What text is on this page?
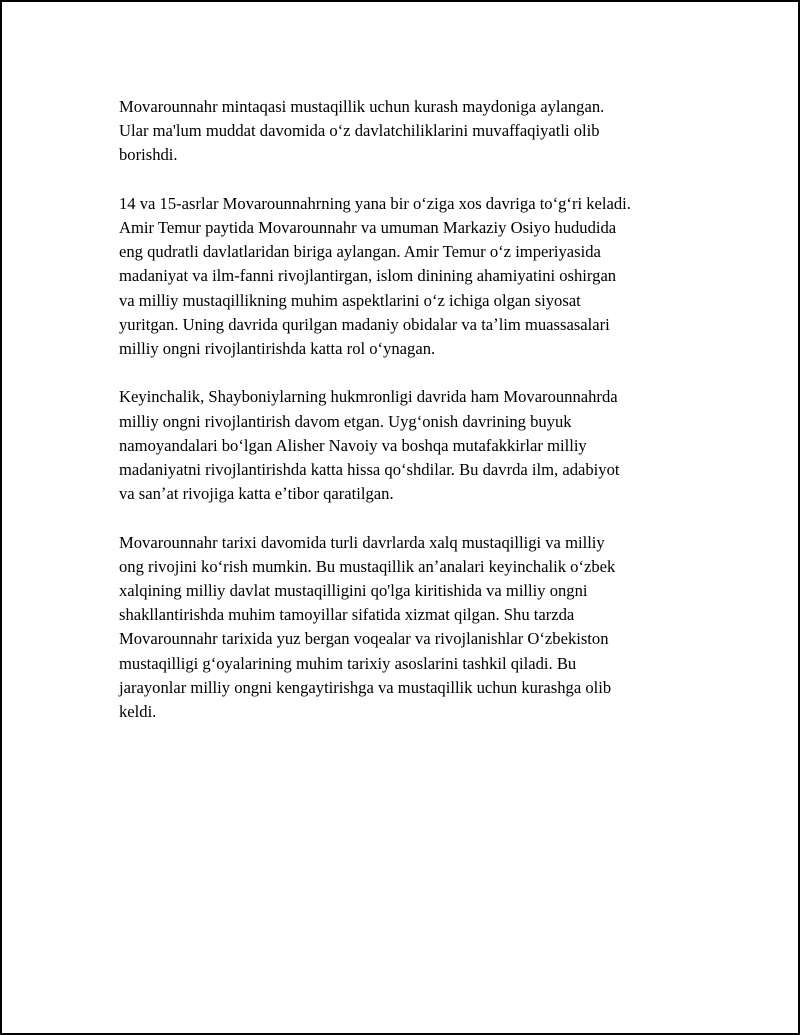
Movarounnahr mintaqasi mustaqillik uchun kurash maydoniga aylangan.
Ular ma'lum muddat davomida oʻz davlatchiliklarini muvaffaqiyatli olib
borishdi.

14 va 15-asrlar Movarounnahrning yana bir oʻziga xos davriga toʻgʻri keladi.
Amir Temur paytida Movarounnahr va umuman Markaziy Osiyo hududida
eng qudratli davlatlaridan biriga aylangan. Amir Temur oʻz imperiyasida
madaniyat va ilm-fanni rivojlantirgan, islom dinining ahamiyatini oshirgan
va milliy mustaqillikning muhim aspektlarini oʻz ichiga olgan siyosat
yuritgan. Uning davrida qurilgan madaniy obidalar va taʼlim muassasalari
milliy ongni rivojlantirishda katta rol oʻynagan.

Keyinchalik, Shayboniylarning hukmronligi davrida ham Movarounnahrda
milliy ongni rivojlantirish davom etgan. Uygʻonish davrining buyuk
namoyandalari boʻlgan Alisher Navoiy va boshqa mutafakkirlar milliy
madaniyatni rivojlantirishda katta hissa qoʻshdilar. Bu davrda ilm, adabiyot
va sanʼat rivojiga katta eʼtibor qaratilgan.

Movarounnahr tarixi davomida turli davrlarda xalq mustaqilligi va milliy
ong rivojini koʻrish mumkin. Bu mustaqillik anʼanalari keyinchalik oʻzbek
xalqining milliy davlat mustaqilligini qo'lga kiritishida va milliy ongni
shakllantirishda muhim tamoyillar sifatida xizmat qilgan. Shu tarzda
Movarounnahr tarixida yuz bergan voqealar va rivojlanishlar Oʻzbekiston
mustaqilligi gʻoyalarining muhim tarixiy asoslarini tashkil qiladi. Bu
jarayonlar milliy ongni kengaytirishga va mustaqillik uchun kurashga olib
keldi.
